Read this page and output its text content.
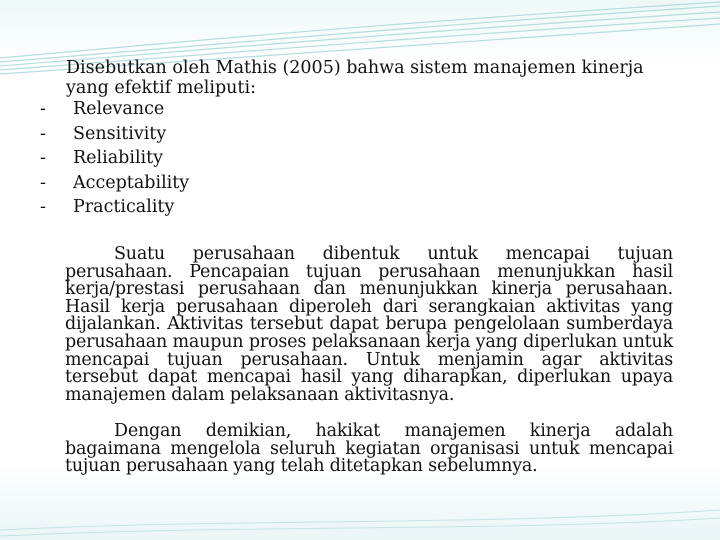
Disebutkan oleh Mathis (2005) bahwa sistem manajemen kinerja yang efektif meliputi:

-	Relevance
-	Sensitivity
-	Reliability
-	Acceptability
-	Practicality

Suatu perusahaan dibentuk untuk mencapai tujuan perusahaan. Pencapaian tujuan perusahaan menunjukkan hasil kerja/prestasi perusahaan dan menunjukkan kinerja perusahaan. Hasil kerja perusahaan diperoleh dari serangkaian aktivitas yang dijalankan. Aktivitas tersebut dapat berupa pengelolaan sumberdaya perusahaan maupun proses pelaksanaan kerja yang diperlukan untuk mencapai tujuan perusahaan. Untuk menjamin agar aktivitas tersebut dapat mencapai hasil yang diharapkan, diperlukan upaya manajemen dalam pelaksanaan aktivitasnya.

Dengan demikian, hakikat manajemen kinerja adalah bagaimana mengelola seluruh kegiatan organisasi untuk mencapai tujuan perusahaan yang telah ditetapkan sebelumnya.
